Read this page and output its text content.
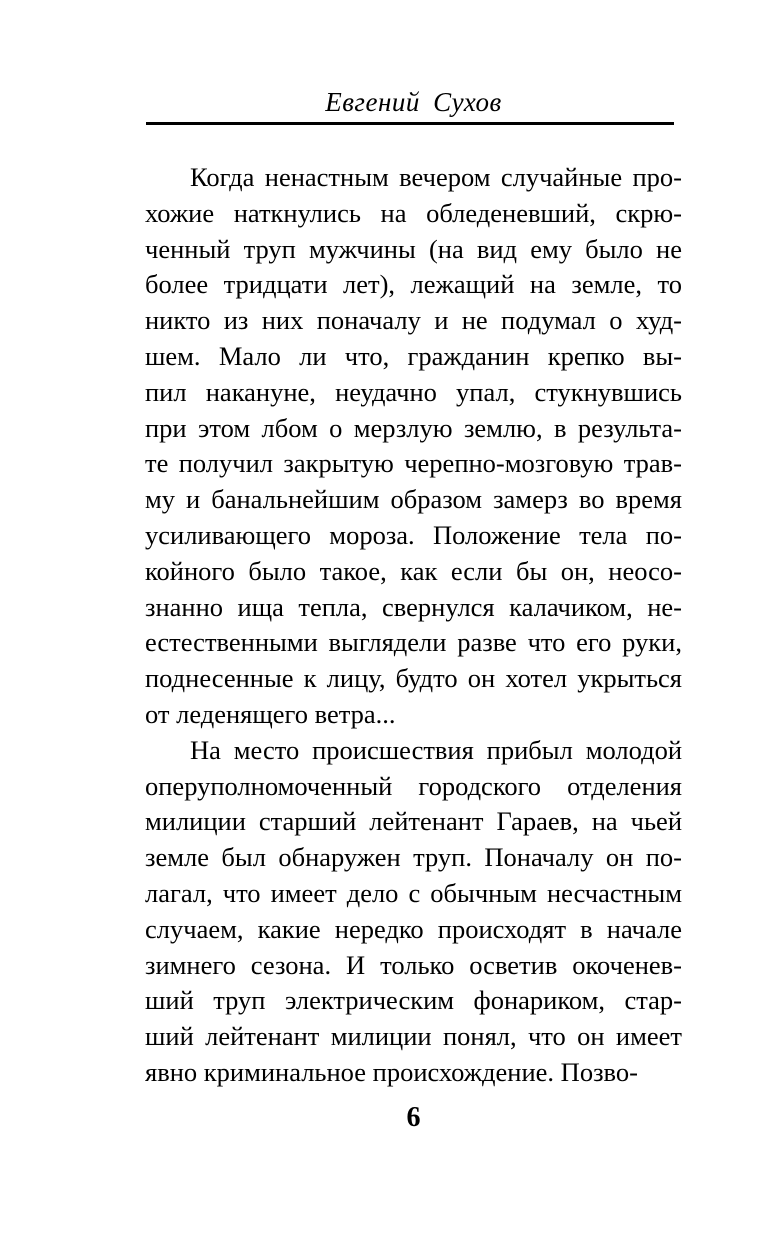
Евгений Сухов
Когда ненастным вечером случайные про-
хожие наткнулись на обледеневший, скрю-
ченный труп мужчины (на вид ему было не
более тридцати лет), лежащий на земле, то
никто из них поначалу и не подумал о худ-
шем. Мало ли что, гражданин крепко вы-
пил накануне, неудачно упал, стукнувшись
при этом лбом о мерзлую землю, в результа-
те получил закрытую черепно-мозговую трав-
му и банальнейшим образом замерз во время
усиливающего мороза. Положение тела по-
койного было такое, как если бы он, неосо-
знанно ища тепла, свернулся калачиком, не-
естественными выглядели разве что его руки,
поднесенные к лицу, будто он хотел укрыться
от леденящего ветра...
На место происшествия прибыл молодой
оперуполномоченный городского отделения
милиции старший лейтенант Гараев, на чьей
земле был обнаружен труп. Поначалу он по-
лагал, что имеет дело с обычным несчастным
случаем, какие нередко происходят в начале
зимнего сезона. И только осветив окоченев-
ший труп электрическим фонариком, стар-
ший лейтенант милиции понял, что он имеет
явно криминальное происхождение. Позво-
6
